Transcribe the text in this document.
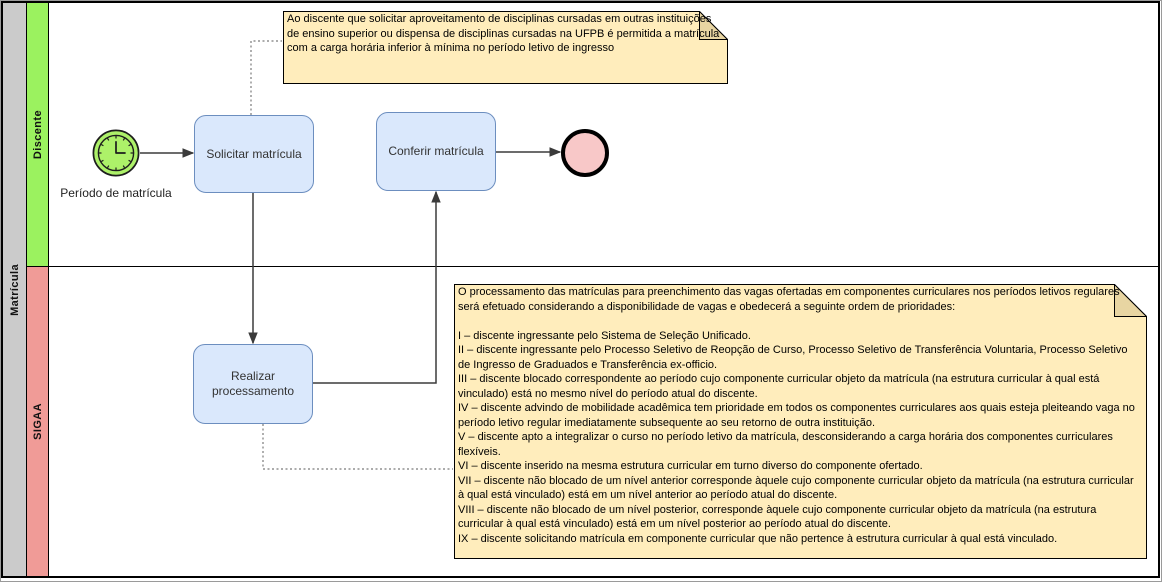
Matrícula
Discente
SIGAA
Período de matrícula
Solicitar matrícula	Conferir matrícula
Realizar processamento
Ao discente que solicitar aproveitamento de disciplinas cursadas em outras instituições de ensino superior ou dispensa de disciplinas cursadas na UFPB é permitida a matrícula com a carga horária inferior à mínima no período letivo de ingresso
O processamento das matrículas para preenchimento das vagas ofertadas em componentes curriculares nos períodos letivos regulares será efetuado considerando a disponibilidade de vagas e obedecerá a seguinte ordem de prioridades:
I – discente ingressante pelo Sistema de Seleção Unificado.
II – discente ingressante pelo Processo Seletivo de Reopção de Curso, Processo Seletivo de Transferência Voluntaria, Processo Seletivo de Ingresso de Graduados e Transferência ex-officio.
III – discente blocado correspondente ao período cujo componente curricular objeto da matrícula (na estrutura curricular à qual está vinculado) está no mesmo nível do período atual do discente.
IV – discente advindo de mobilidade acadêmica tem prioridade em todos os componentes curriculares aos quais esteja pleiteando vaga no período letivo regular imediatamente subsequente ao seu retorno de outra instituição.
V – discente apto a integralizar o curso no período letivo da matrícula, desconsiderando a carga horária dos componentes curriculares flexíveis.
VI – discente inserido na mesma estrutura curricular em turno diverso do componente ofertado.
VII – discente não blocado de um nível anterior corresponde àquele cujo componente curricular objeto da matrícula (na estrutura curricular à qual está vinculado) está em um nível anterior ao período atual do discente.
VIII – discente não blocado de um nível posterior, corresponde àquele cujo componente curricular objeto da matrícula (na estrutura curricular à qual está vinculado) está em um nível posterior ao período atual do discente.
IX – discente solicitando matrícula em componente curricular que não pertence à estrutura curricular à qual está vinculado.
